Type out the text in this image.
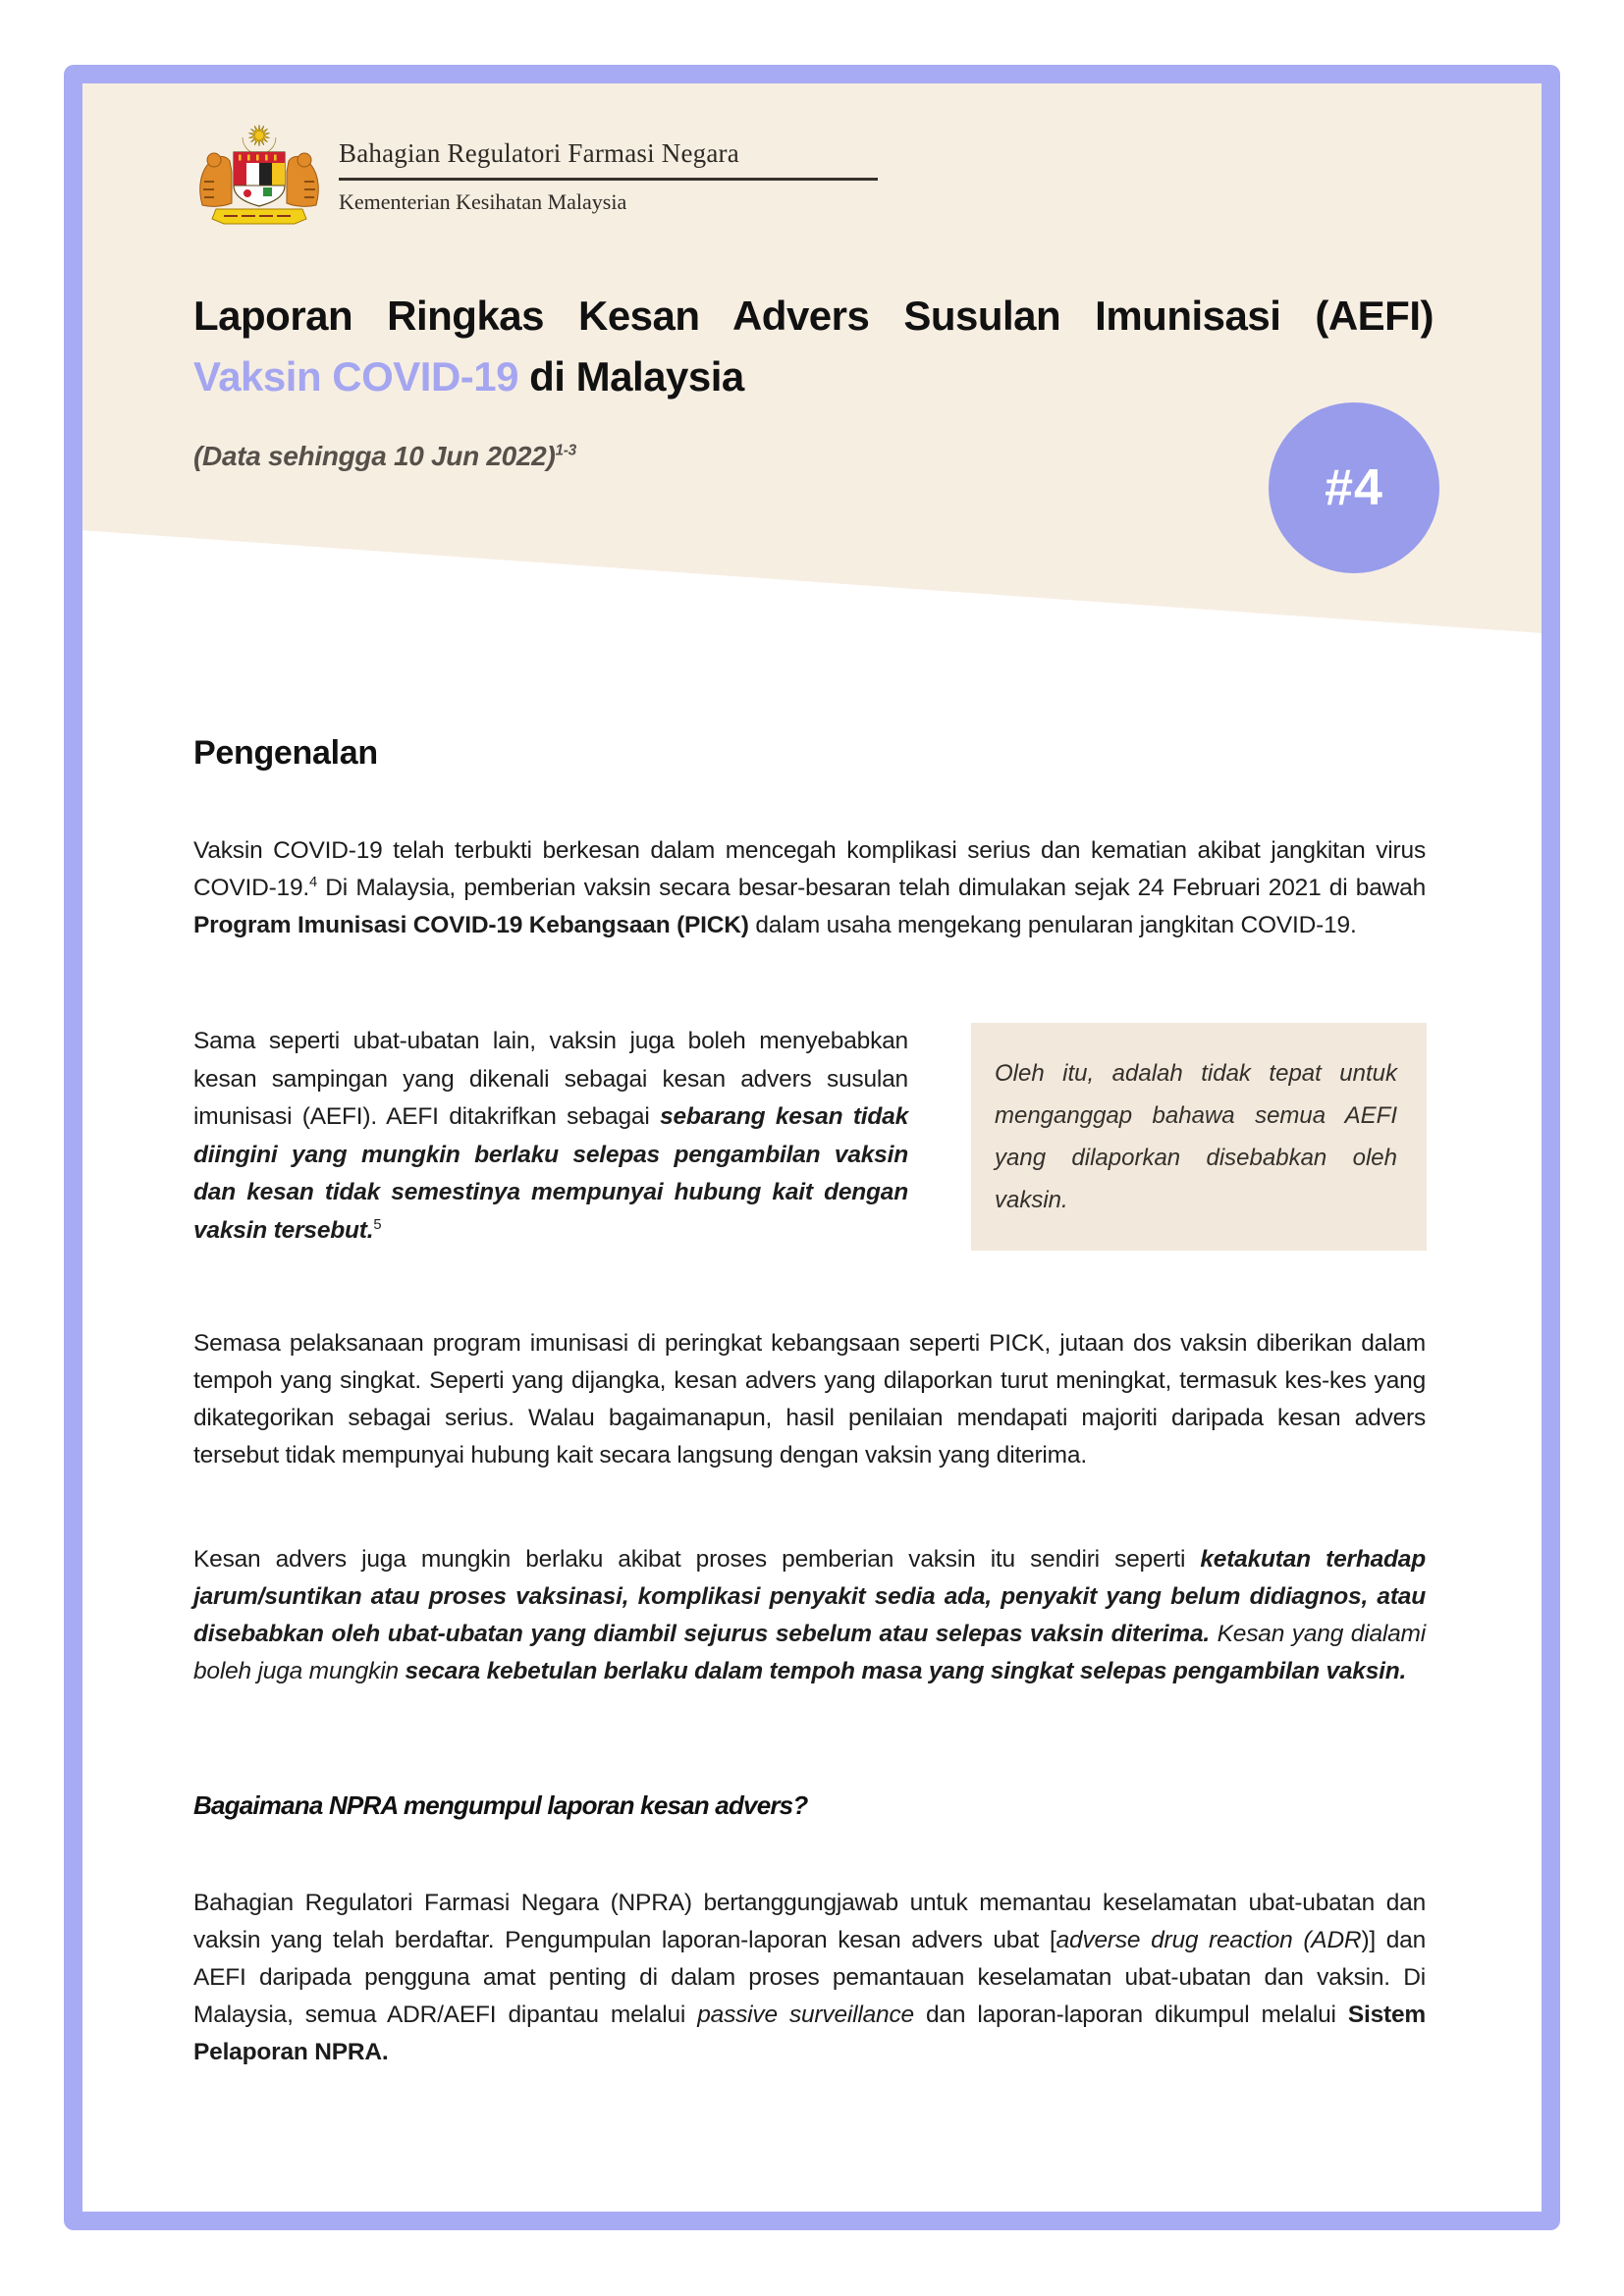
Bahagian Regulatori Farmasi Negara
Kementerian Kesihatan Malaysia
Laporan Ringkas Kesan Advers Susulan Imunisasi (AEFI)
Vaksin COVID-19 di Malaysia
(Data sehingga 10 Jun 2022)$^{1-3}$
#4
Pengenalan
Vaksin COVID-19 telah terbukti berkesan dalam mencegah komplikasi serius dan kematian akibat jangkitan virus COVID-19.$^4$ Di Malaysia, pemberian vaksin secara besar-besaran telah dimulakan sejak 24 Februari 2021 di bawah Program Imunisasi COVID-19 Kebangsaan (PICK) dalam usaha mengekang penularan jangkitan COVID-19.
Sama seperti ubat-ubatan lain, vaksin juga boleh menyebabkan kesan sampingan yang dikenali sebagai kesan advers susulan imunisasi (AEFI). AEFI ditakrifkan sebagai sebarang kesan tidak diingini yang mungkin berlaku selepas pengambilan vaksin dan kesan tidak semestinya mempunyai hubung kait dengan vaksin tersebut.$^5$
Oleh itu, adalah tidak tepat untuk menganggap bahawa semua AEFI yang dilaporkan disebabkan oleh vaksin.
Semasa pelaksanaan program imunisasi di peringkat kebangsaan seperti PICK, jutaan dos vaksin diberikan dalam tempoh yang singkat. Seperti yang dijangka, kesan advers yang dilaporkan turut meningkat, termasuk kes-kes yang dikategorikan sebagai serius. Walau bagaimanapun, hasil penilaian mendapati majoriti daripada kesan advers tersebut tidak mempunyai hubung kait secara langsung dengan vaksin yang diterima.
Kesan advers juga mungkin berlaku akibat proses pemberian vaksin itu sendiri seperti ketakutan terhadap jarum/suntikan atau proses vaksinasi, komplikasi penyakit sedia ada, penyakit yang belum didiagnos, atau disebabkan oleh ubat-ubatan yang diambil sejurus sebelum atau selepas vaksin diterima. Kesan yang dialami boleh juga mungkin secara kebetulan berlaku dalam tempoh masa yang singkat selepas pengambilan vaksin.
Bagaimana NPRA mengumpul laporan kesan advers?
Bahagian Regulatori Farmasi Negara (NPRA) bertanggungjawab untuk memantau keselamatan ubat-ubatan dan vaksin yang telah berdaftar. Pengumpulan laporan-laporan kesan advers ubat [adverse drug reaction (ADR)] dan AEFI daripada pengguna amat penting di dalam proses pemantauan keselamatan ubat-ubatan dan vaksin. Di Malaysia, semua ADR/AEFI dipantau melalui passive surveillance dan laporan-laporan dikumpul melalui Sistem Pelaporan NPRA.
